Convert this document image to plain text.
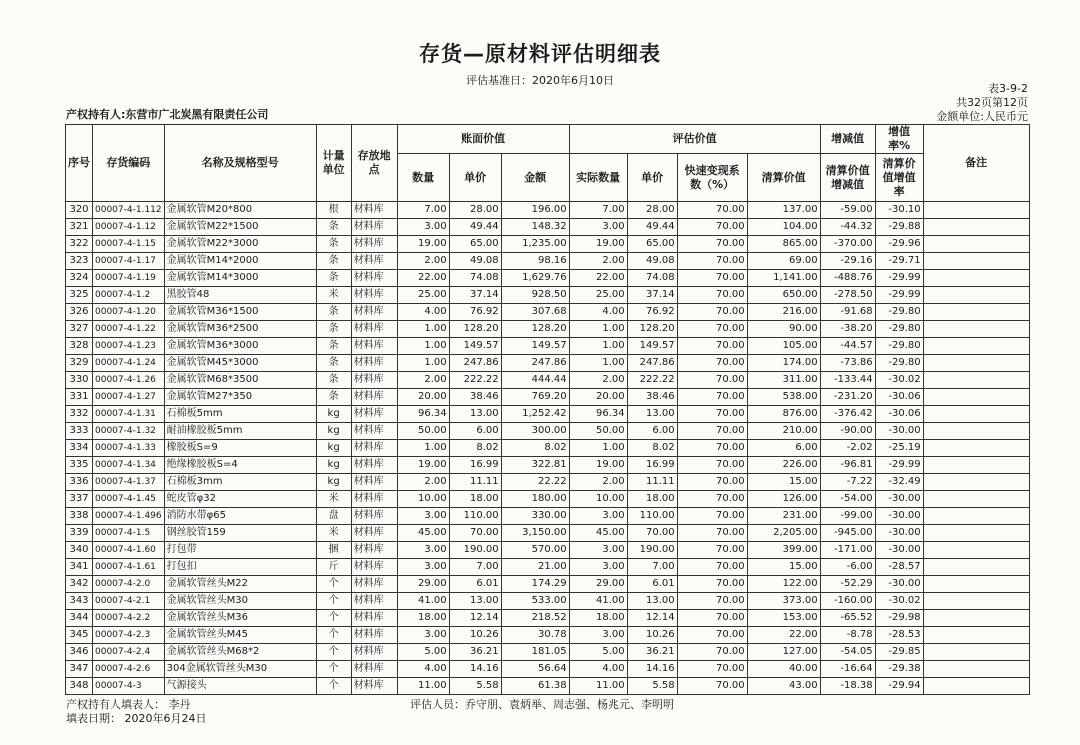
存货—原材料评估明细表
评估基准日：2020年6月10日
表3-9-2
共32页第12页
金额单位:人民币元
产权持有人:东营市广北炭黑有限责任公司
序号	存货编码	名称及规格型号	计量单位	存放地点	账面价值			评估价值				增减值	增值率%	备注
					数量	单价	金额	实际数量	单价	快速变现系数（%）	清算价值	清算价值增减值	清算价值增值率	
320	00007-4-1.112	金属软管M20*800	根	材料库	7.00	28.00	196.00	7.00	28.00	70.00	137.00	-59.00	-30.10	
321	00007-4-1.12	金属软管M22*1500	条	材料库	3.00	49.44	148.32	3.00	49.44	70.00	104.00	-44.32	-29.88	
322	00007-4-1.15	金属软管M22*3000	条	材料库	19.00	65.00	1,235.00	19.00	65.00	70.00	865.00	-370.00	-29.96	
323	00007-4-1.17	金属软管M14*2000	条	材料库	2.00	49.08	98.16	2.00	49.08	70.00	69.00	-29.16	-29.71	
324	00007-4-1.19	金属软管M14*3000	条	材料库	22.00	74.08	1,629.76	22.00	74.08	70.00	1,141.00	-488.76	-29.99	
325	00007-4-1.2	黑胶管48	米	材料库	25.00	37.14	928.50	25.00	37.14	70.00	650.00	-278.50	-29.99	
326	00007-4-1.20	金属软管M36*1500	条	材料库	4.00	76.92	307.68	4.00	76.92	70.00	216.00	-91.68	-29.80	
327	00007-4-1.22	金属软管M36*2500	条	材料库	1.00	128.20	128.20	1.00	128.20	70.00	90.00	-38.20	-29.80	
328	00007-4-1.23	金属软管M36*3000	条	材料库	1.00	149.57	149.57	1.00	149.57	70.00	105.00	-44.57	-29.80	
329	00007-4-1.24	金属软管M45*3000	条	材料库	1.00	247.86	247.86	1.00	247.86	70.00	174.00	-73.86	-29.80	
330	00007-4-1.26	金属软管M68*3500	条	材料库	2.00	222.22	444.44	2.00	222.22	70.00	311.00	-133.44	-30.02	
331	00007-4-1.27	金属软管M27*350	条	材料库	20.00	38.46	769.20	20.00	38.46	70.00	538.00	-231.20	-30.06	
332	00007-4-1.31	石棉板5mm	kg	材料库	96.34	13.00	1,252.42	96.34	13.00	70.00	876.00	-376.42	-30.06	
333	00007-4-1.32	耐油橡胶板5mm	kg	材料库	50.00	6.00	300.00	50.00	6.00	70.00	210.00	-90.00	-30.00	
334	00007-4-1.33	橡胶板S=9	kg	材料库	1.00	8.02	8.02	1.00	8.02	70.00	6.00	-2.02	-25.19	
335	00007-4-1.34	绝缘橡胶板S=4	kg	材料库	19.00	16.99	322.81	19.00	16.99	70.00	226.00	-96.81	-29.99	
336	00007-4-1.37	石棉板3mm	kg	材料库	2.00	11.11	22.22	2.00	11.11	70.00	15.00	-7.22	-32.49	
337	00007-4-1.45	蛇皮管φ32	米	材料库	10.00	18.00	180.00	10.00	18.00	70.00	126.00	-54.00	-30.00	
338	00007-4-1.496	消防水带φ65	盘	材料库	3.00	110.00	330.00	3.00	110.00	70.00	231.00	-99.00	-30.00	
339	00007-4-1.5	钢丝胶管159	米	材料库	45.00	70.00	3,150.00	45.00	70.00	70.00	2,205.00	-945.00	-30.00	
340	00007-4-1.60	打包带	捆	材料库	3.00	190.00	570.00	3.00	190.00	70.00	399.00	-171.00	-30.00	
341	00007-4-1.61	打包扣	斤	材料库	3.00	7.00	21.00	3.00	7.00	70.00	15.00	-6.00	-28.57	
342	00007-4-2.0	金属软管丝头M22	个	材料库	29.00	6.01	174.29	29.00	6.01	70.00	122.00	-52.29	-30.00	
343	00007-4-2.1	金属软管丝头M30	个	材料库	41.00	13.00	533.00	41.00	13.00	70.00	373.00	-160.00	-30.02	
344	00007-4-2.2	金属软管丝头M36	个	材料库	18.00	12.14	218.52	18.00	12.14	70.00	153.00	-65.52	-29.98	
345	00007-4-2.3	金属软管丝头M45	个	材料库	3.00	10.26	30.78	3.00	10.26	70.00	22.00	-8.78	-28.53	
346	00007-4-2.4	金属软管丝头M68*2	个	材料库	5.00	36.21	181.05	5.00	36.21	70.00	127.00	-54.05	-29.85	
347	00007-4-2.6	304金属软管丝头M30	个	材料库	4.00	14.16	56.64	4.00	14.16	70.00	40.00	-16.64	-29.38	
348	00007-4-3	气源接头	个	材料库	11.00	5.58	61.38	11.00	5.58	70.00	43.00	-18.38	-29.94	
产权持有人填表人： 李丹
填表日期： 2020年6月24日
评估人员：乔守朋、袁炳举、周志强、杨兆元、李明明
